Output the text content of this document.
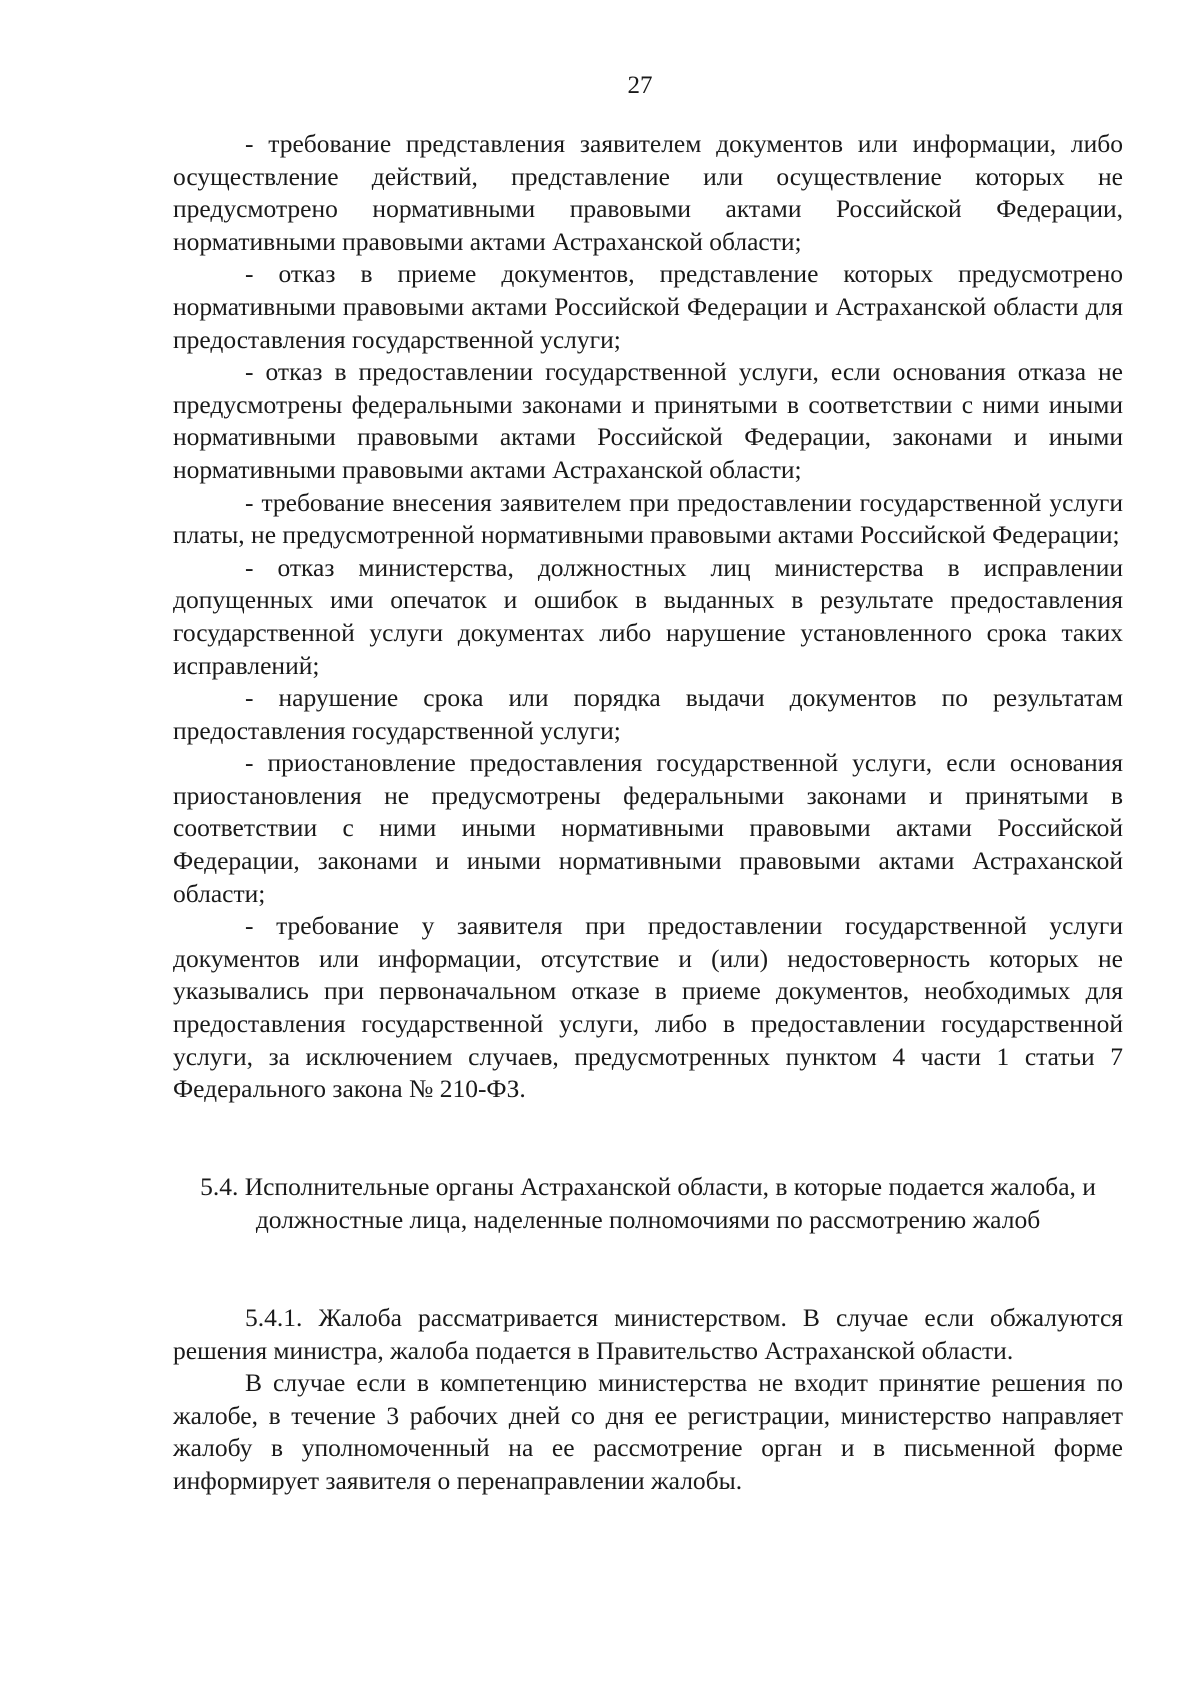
27

- требование представления заявителем документов или информации, либо осуществление действий, представление или осуществление которых не предусмотрено нормативными правовыми актами Российской Федерации, нормативными правовыми актами Астраханской области;

- отказ в приеме документов, представление которых предусмотрено нормативными правовыми актами Российской Федерации и Астраханской области для предоставления государственной услуги;

- отказ в предоставлении государственной услуги, если основания отказа не предусмотрены федеральными законами и принятыми в соответствии с ними иными нормативными правовыми актами Российской Федерации, законами и иными нормативными правовыми актами Астраханской области;

- требование внесения заявителем при предоставлении государственной услуги платы, не предусмотренной нормативными правовыми актами Российской Федерации;

- отказ министерства, должностных лиц министерства в исправлении допущенных ими опечаток и ошибок в выданных в результате предоставления государственной услуги документах либо нарушение установленного срока таких исправлений;

- нарушение срока или порядка выдачи документов по результатам предоставления государственной услуги;

- приостановление предоставления государственной услуги, если основания приостановления не предусмотрены федеральными законами и принятыми в соответствии с ними иными нормативными правовыми актами Российской Федерации, законами и иными нормативными правовыми актами Астраханской области;

- требование у заявителя при предоставлении государственной услуги документов или информации, отсутствие и (или) недостоверность которых не указывались при первоначальном отказе в приеме документов, необходимых для предоставления государственной услуги, либо в предоставлении государственной услуги, за исключением случаев, предусмотренных пунктом 4 части 1 статьи 7 Федерального закона № 210-ФЗ.

5.4. Исполнительные органы Астраханской области, в которые подается жалоба, и должностные лица, наделенные полномочиями по рассмотрению жалоб

5.4.1. Жалоба рассматривается министерством. В случае если обжалуются решения министра, жалоба подается в Правительство Астраханской области.

В случае если в компетенцию министерства не входит принятие решения по жалобе, в течение 3 рабочих дней со дня ее регистрации, министерство направляет жалобу в уполномоченный на ее рассмотрение орган и в письменной форме информирует заявителя о перенаправлении жалобы.
